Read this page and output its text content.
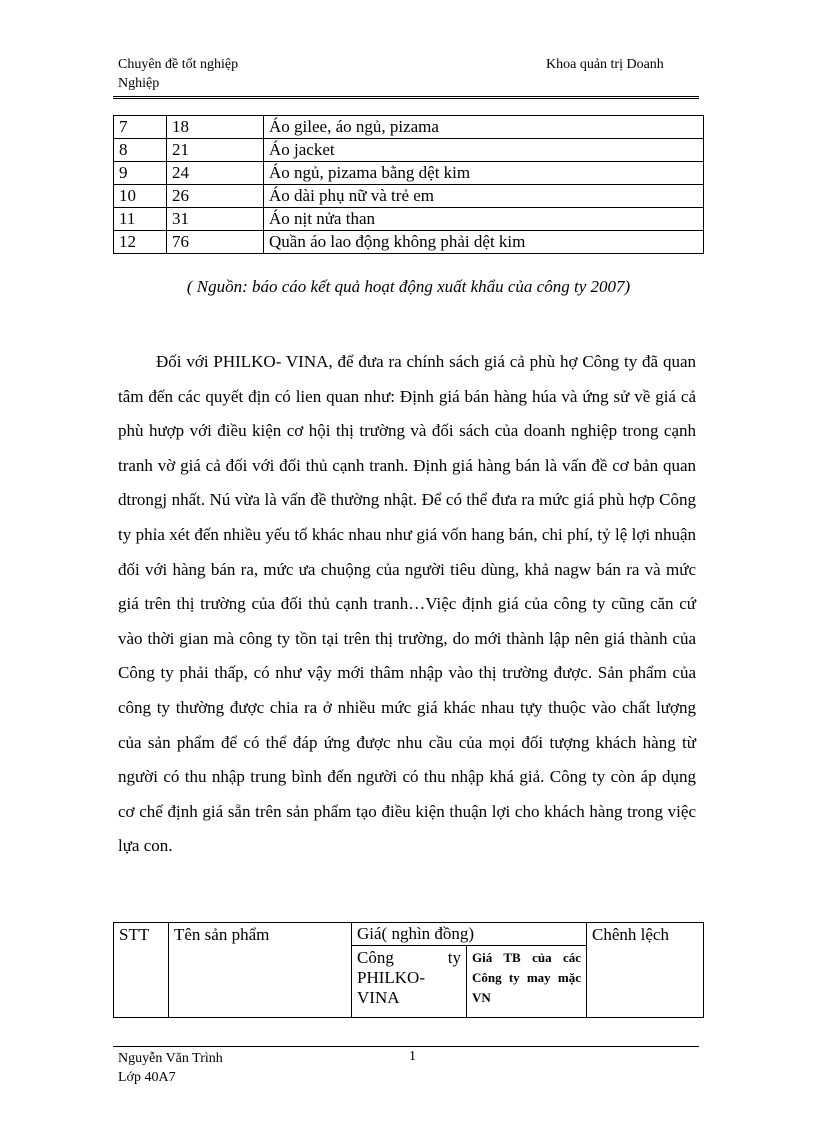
Chuyên đề tốt nghiệp
Nghiệp
Khoa quản trị Doanh
7	18	Áo gilee, áo ngủ, pizama
8	21	Áo jacket
9	24	Áo ngủ, pizama bằng dệt kim
10	26	Áo dài phụ nữ và trẻ em
11	31	Áo nịt nửa than
12	76	Quần áo lao động không phải dệt kim
( Nguồn: báo cáo kết quả hoạt động xuất khẩu của công ty 2007)

Đối với PHILKO- VINA, để đưa ra chính sách giá cả phù hợ Công ty đã quan tâm đến các quyết địn có lien quan như: Định giá bán hàng húa và ứng sử về giá cả phù hượp với điều kiện cơ hội thị trường và đối sách của doanh nghiệp trong cạnh tranh vờ giá cả đối với đối thủ cạnh tranh. Định giá hàng bán là vấn đề cơ bản quan dtrongj nhất. Nú vừa là vấn đề thường nhật. Để có thể đưa ra mức giá phù hợp Công ty phỉa xét đến nhiều yếu tố khác nhau như giá vốn hang bán, chi phí, tỷ lệ lợi nhuận đối với hàng bán ra, mức ưa chuộng của người tiêu dùng, khả nagw bán ra và mức giá trên thị trường của đối thủ cạnh tranh…Việc định giá của công ty cũng căn cứ vào thời gian mà công ty tồn tại trên thị trường, do mới thành lập nên giá thành của Công ty phải thấp, có như vậy mới thâm nhập vào thị trường được. Sản phẩm của công ty thường được chia ra ở nhiều mức giá khác nhau tựy thuộc vào chất lượng của sản phẩm để có thể đáp ứng được nhu cầu của mọi đối tượng khách hàng từ người có thu nhập trung bình đến người có thu nhập khá giả. Công ty còn áp dụng cơ chế định giá sẵn trên sản phẩm tạo điều kiện thuận lợi cho khách hàng trong việc lựa con.

STT	Tên sản phẩm	Giá( nghìn đồng)		Chênh lệch
		Công ty PHILKO-VINA	Giá TB của các Công ty may mặc VN	
Nguyễn Văn Trình
Lớp 40A7
1
